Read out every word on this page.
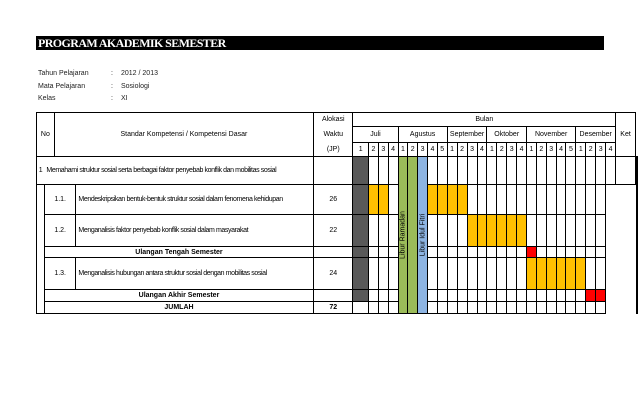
PROGRAM AKADEMIK SEMESTER
Tahun Pelajaran	: 2012 / 2013
Mata Pelajaran	: Sosiologi
Kelas	: XI
No		Standar Kompetensi / Kompetensi Dasar		Alokasi	Bulan																										Ket	
				Waktu	Juli				Agustus					September				Oktober				November					Desember					
				(JP)	1	2	3	4	1	2	3	4	5	1	2	3	4	1	2	3	4	1	2	3	4	5	1	2	3	4		
1	Memahami struktur sosial serta berbagai faktor penyebab konflik dan mobilitas sosial								Libur Ramadan		Libur Idul Fitri

	1.1.		Mendeskripsikan bentuk-bentuk struktur sosial dalam fenomena kehidupan	26																												
	1.2.		Menganalisis faktor penyebab konflik sosial dalam masyarakat	22																												
	Ulangan Tengah Semester																															
	1.3.		Menganalisis hubungan antara struktur sosial dengan mobilitas sosial	24																												
	Ulangan Akhir Semester																															
	JUMLAH			72																												
